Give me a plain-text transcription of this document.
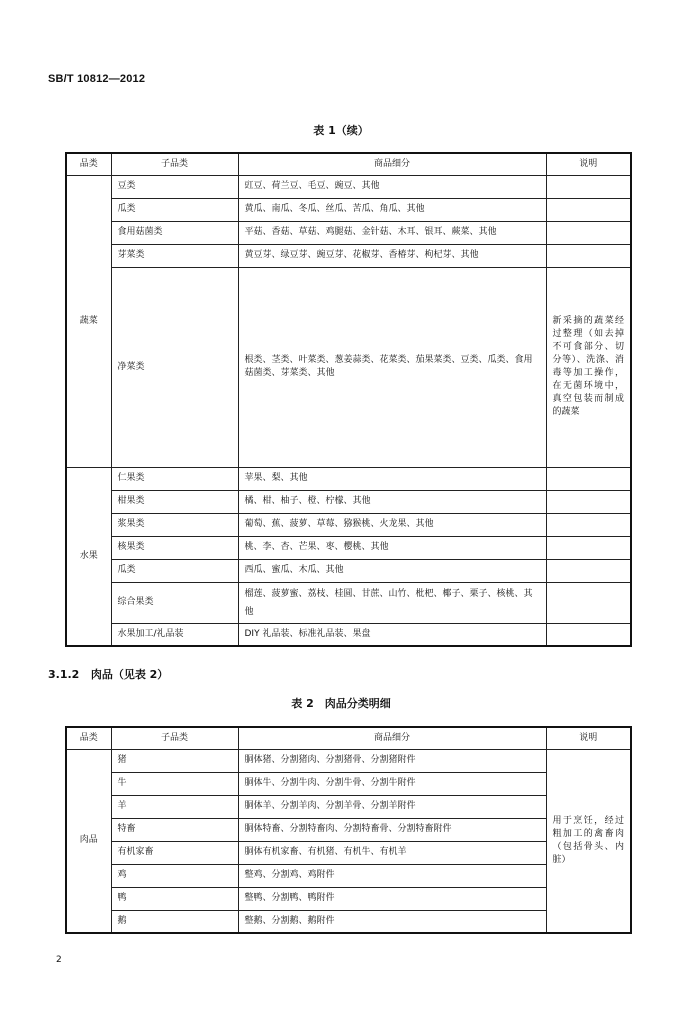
SB/T 10812—2012
表 1（续）
品类	子品类	商品细分	说明
蔬菜	豆类	豇豆、荷兰豆、毛豆、豌豆、其他	
	瓜类	黄瓜、南瓜、冬瓜、丝瓜、苦瓜、角瓜、其他	
	食用菇菌类	平菇、香菇、草菇、鸡腿菇、金针菇、木耳、银耳、蕨菜、其他	
	芽菜类	黄豆芽、绿豆芽、豌豆芽、花椒芽、香椿芽、枸杞芽、其他	
	净菜类	根类、茎类、叶菜类、葱姜蒜类、花菜类、茄果菜类、豆类、瓜类、食用菇菌类、芽菜类、其他	新采摘的蔬菜经过整理（如去掉不可食部分、切分等）、洗涤、消毒等加工操作，在无菌环境中，真空包装而制成的蔬菜
水果	仁果类	苹果、梨、其他	
	柑果类	橘、柑、柚子、橙、柠檬、其他	
	浆果类	葡萄、蕉、菠萝、草莓、猕猴桃、火龙果、其他	
	核果类	桃、李、杏、芒果、枣、樱桃、其他	
	瓜类	西瓜、蜜瓜、木瓜、其他	
	综合果类	榴莲、菠萝蜜、荔枝、桂圆、甘蔗、山竹、枇杷、椰子、栗子、核桃、其他	
	水果加工/礼品装	DIY 礼品装、标准礼品装、果盘	
3.1.2 肉品（见表 2）
表 2　肉品分类明细
品类	子品类	商品细分	说明
肉品	猪	胴体猪、分割猪肉、分割猪骨、分割猪附件	用于烹饪，经过粗加工的禽畜肉（包括骨头、内脏）
	牛	胴体牛、分割牛肉、分割牛骨、分割牛附件	
	羊	胴体羊、分割羊肉、分割羊骨、分割羊附件	
	特畜	胴体特畜、分割特畜肉、分割特畜骨、分割特畜附件	
	有机家畜	胴体有机家畜、有机猪、有机牛、有机羊	
	鸡	整鸡、分割鸡、鸡附件	
	鸭	整鸭、分割鸭、鸭附件	
	鹅	整鹅、分割鹅、鹅附件	
2
